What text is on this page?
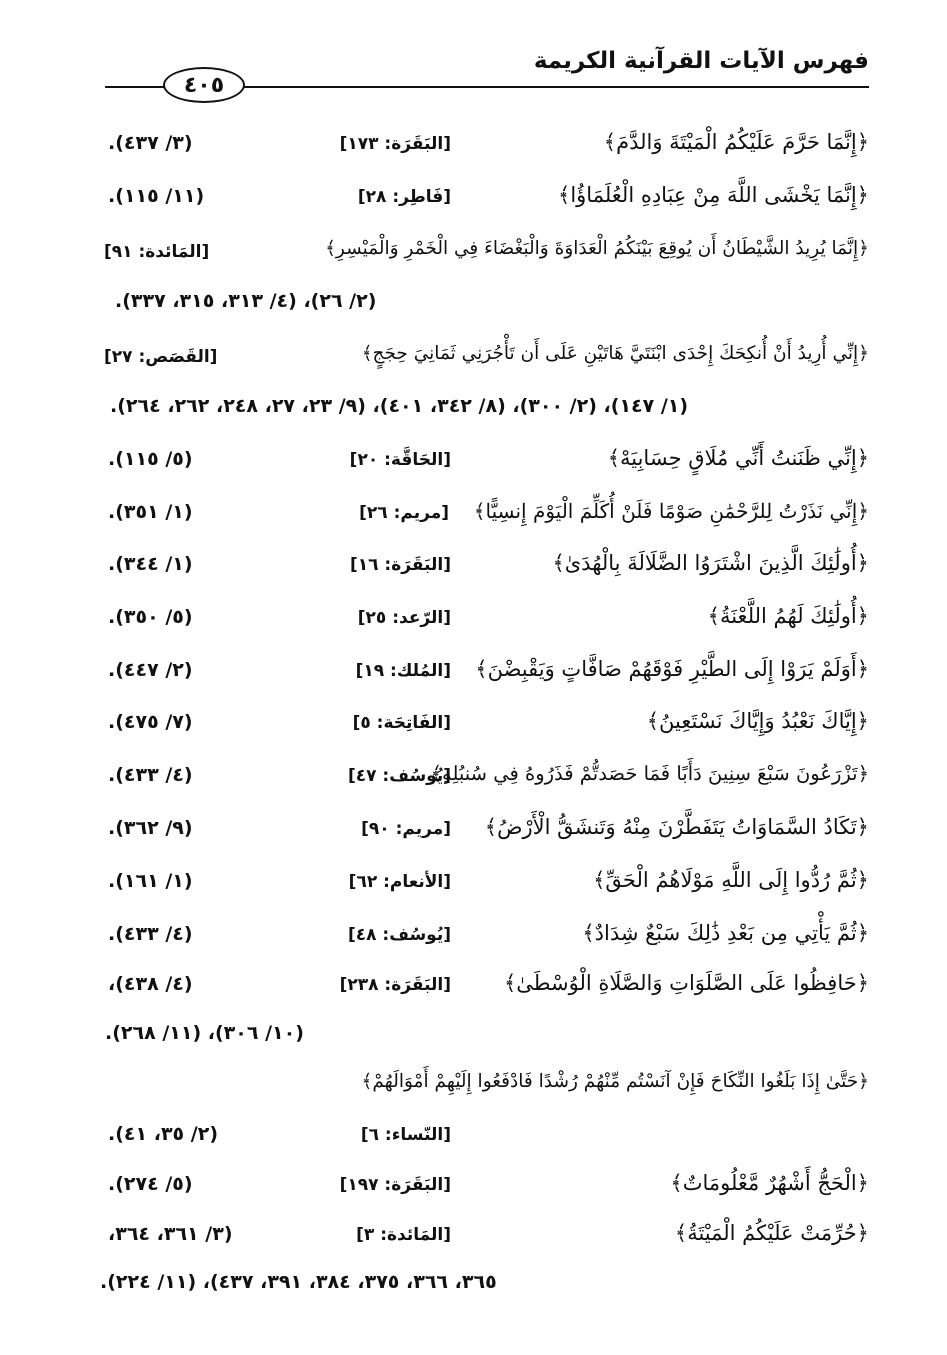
فهرس الآيات القرآنية الكريمة
٤٠٥
﴿إِنَّمَا حَرَّمَ عَلَيْكُمُ الْمَيْتَةَ وَالدَّمَ﴾
[البَقَرَة: ١٧٣]
(٣/ ٤٣٧).
﴿إِنَّمَا يَخْشَى اللَّهَ مِنْ عِبَادِهِ الْعُلَمَاؤُا﴾
[فَاطِر: ٢٨]
(١١/ ١١٥).
﴿إِنَّمَا يُرِيدُ الشَّيْطَانُ أَن يُوقِعَ بَيْنَكُمُ الْعَدَاوَةَ وَالْبَغْضَاءَ فِي الْخَمْرِ وَالْمَيْسِرِ﴾
[المَائدة: ٩١]
(٢/ ٢٦)، (٤/ ٣١٣، ٣١٥، ٣٣٧).
﴿إِنِّي أُرِيدُ أَنْ أُنكِحَكَ إِحْدَى ابْنَتَيَّ هَاتَيْنِ عَلَى أَن تَأْجُرَنِي ثَمَانِيَ حِجَجٍ﴾
[القَصَص: ٢٧]
(١/ ١٤٧)، (٢/ ٣٠٠)، (٨/ ٣٤٢، ٤٠١)، (٩/ ٢٣، ٢٧، ٢٤٨، ٢٦٢، ٢٦٤).
﴿إِنِّي ظَنَنتُ أَنِّي مُلَاقٍ حِسَابِيَهْ﴾
[الحَاقَّة: ٢٠]
(٥/ ١١٥).
﴿إِنِّي نَذَرْتُ لِلرَّحْمَٰنِ صَوْمًا فَلَنْ أُكَلِّمَ الْيَوْمَ إِنسِيًّا﴾
[مريم: ٢٦]
(١/ ٣٥١).
﴿أُولَٰئِكَ الَّذِينَ اشْتَرَوُا الضَّلَالَةَ بِالْهُدَىٰ﴾
[البَقَرَة: ١٦]
(١/ ٣٤٤).
﴿أُولَٰئِكَ لَهُمُ اللَّعْنَةُ﴾
[الرّعد: ٢٥]
(٥/ ٣٥٠).
﴿أَوَلَمْ يَرَوْا إِلَى الطَّيْرِ فَوْقَهُمْ صَافَّاتٍ وَيَقْبِضْنَ﴾
[المُلك: ١٩]
(٢/ ٤٤٧).
﴿إِيَّاكَ نَعْبُدُ وَإِيَّاكَ نَسْتَعِينُ﴾
[الفَاتِحَة: ٥]
(٧/ ٤٧٥).
﴿تَزْرَعُونَ سَبْعَ سِنِينَ دَأَبًا فَمَا حَصَدتُّمْ فَذَرُوهُ فِي سُنبُلِهِ﴾
[يُوسُف: ٤٧]
(٤/ ٤٣٣).
﴿تَكَادُ السَّمَاوَاتُ يَتَفَطَّرْنَ مِنْهُ وَتَنشَقُّ الْأَرْضُ﴾
[مريم: ٩٠]
(٩/ ٣٦٢).
﴿ثُمَّ رُدُّوا إِلَى اللَّهِ مَوْلَاهُمُ الْحَقِّ﴾
[الأنعام: ٦٢]
(١/ ١٦١).
﴿ثُمَّ يَأْتِي مِن بَعْدِ ذَٰلِكَ سَبْعٌ شِدَادٌ﴾
[يُوسُف: ٤٨]
(٤/ ٤٣٣).
﴿حَافِظُوا عَلَى الصَّلَوَاتِ وَالصَّلَاةِ الْوُسْطَىٰ﴾
[البَقَرَة: ٢٣٨]
(٤/ ٤٣٨)،
(١٠/ ٣٠٦)، (١١/ ٢٦٨).
﴿حَتَّىٰ إِذَا بَلَغُوا النِّكَاحَ فَإِنْ آنَسْتُم مِّنْهُمْ رُشْدًا فَادْفَعُوا إِلَيْهِمْ أَمْوَالَهُمْ﴾
[النّساء: ٦]
(٢/ ٣٥، ٤١).
﴿الْحَجُّ أَشْهُرٌ مَّعْلُومَاتٌ﴾
[البَقَرَة: ١٩٧]
(٥/ ٢٧٤).
﴿حُرِّمَتْ عَلَيْكُمُ الْمَيْتَةُ﴾
[المَائدة: ٣]
(٣/ ٣٦١، ٣٦٤،
٣٦٥، ٣٦٦، ٣٧٥، ٣٨٤، ٣٩١، ٤٣٧)، (١١/ ٢٢٤).
